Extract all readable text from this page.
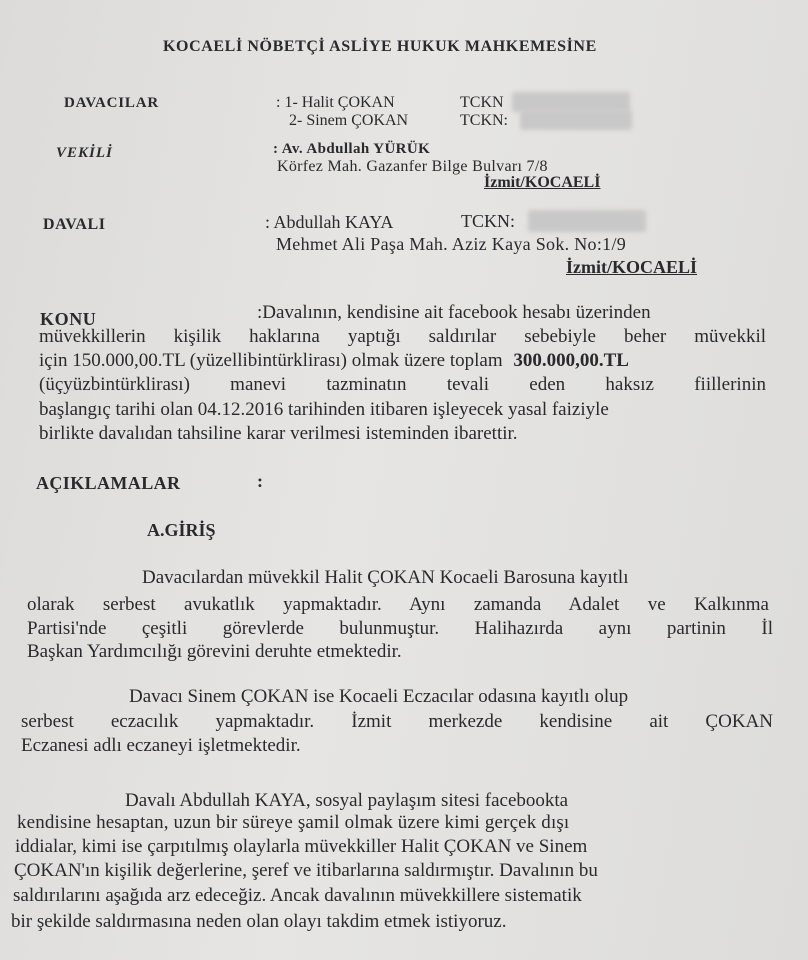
KOCAELİ NÖBETÇİ ASLİYE HUKUK MAHKEMESİNE
DAVACILAR	: 1- Halit ÇOKAN	TCKN
2- Sinem ÇOKAN	TCKN:
VEKİLİ	: Av. Abdullah YÜRÜK
Körfez Mah. Gazanfer Bilge Bulvarı 7/8
İzmit/KOCAELİ
DAVALI	: Abdullah KAYA	TCKN:
Mehmet Ali Paşa Mah. Aziz Kaya Sok. No:1/9
İzmit/KOCAELİ
KONU	:Davalının, kendisine ait facebook hesabı üzerinden
müvekkillerin kişilik haklarına yaptığı saldırılar sebebiyle beher müvekkil
için 150.000,00.TL (yüzellibintürklirası) olmak üzere toplam 300.000,00.TL
(üçyüzbintürklirası) manevi tazminatın tevali eden haksız fiillerinin
başlangıç tarihi olan 04.12.2016 tarihinden itibaren işleyecek yasal faiziyle
birlikte davalıdan tahsiline karar verilmesi isteminden ibarettir.
AÇIKLAMALAR	:
A.GİRİŞ
Davacılardan müvekkil Halit ÇOKAN Kocaeli Barosuna kayıtlı
olarak serbest avukatlık yapmaktadır. Aynı zamanda Adalet ve Kalkınma
Partisi'nde çeşitli görevlerde bulunmuştur. Halihazırda aynı partinin İl
Başkan Yardımcılığı görevini deruhte etmektedir.
Davacı Sinem ÇOKAN ise Kocaeli Eczacılar odasına kayıtlı olup
serbest eczacılık yapmaktadır. İzmit merkezde kendisine ait ÇOKAN
Eczanesi adlı eczaneyi işletmektedir.
Davalı Abdullah KAYA, sosyal paylaşım sitesi facebookta
kendisine hesaptan, uzun bir süreye şamil olmak üzere kimi gerçek dışı
iddialar, kimi ise çarpıtılmış olaylarla müvekkiller Halit ÇOKAN ve Sinem
ÇOKAN'ın kişilik değerlerine, şeref ve itibarlarına saldırmıştır. Davalının bu
saldırılarını aşağıda arz edeceğiz. Ancak davalının müvekkillere sistematik
bir şekilde saldırmasına neden olan olayı takdim etmek istiyoruz.
